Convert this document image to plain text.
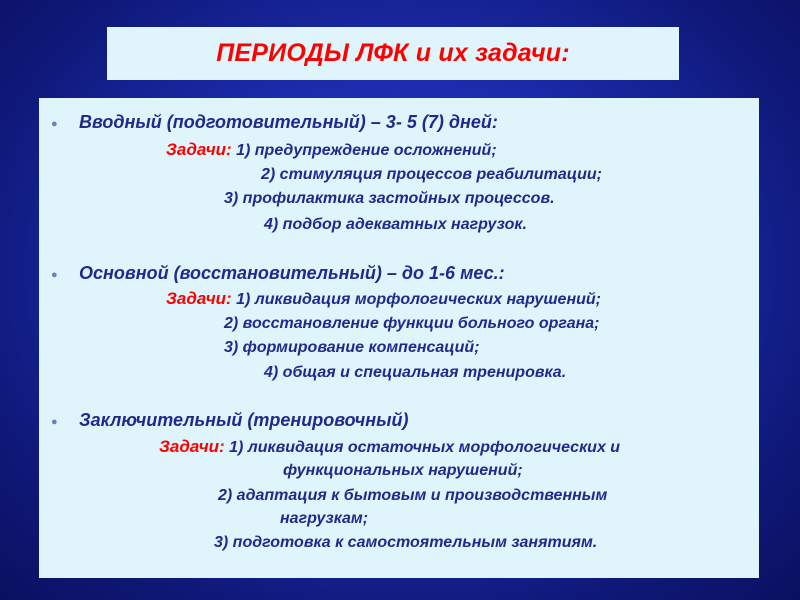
ПЕРИОДЫ ЛФК и их задачи:
● Вводный (подготовительный) – 3- 5 (7) дней:
Задачи: 1) предупреждение осложнений;
2) стимуляция процессов реабилитации;
3) профилактика застойных процессов.
4) подбор адекватных нагрузок.
● Основной (восстановительный) – до 1-6 мес.:
Задачи: 1) ликвидация морфологических нарушений;
2) восстановление функции больного органа;
3) формирование компенсаций;
4) общая и специальная тренировка.
● Заключительный (тренировочный)
Задачи: 1) ликвидация остаточных морфологических и
функциональных нарушений;
2) адаптация к бытовым и производственным
нагрузкам;
3) подготовка к самостоятельным занятиям.
